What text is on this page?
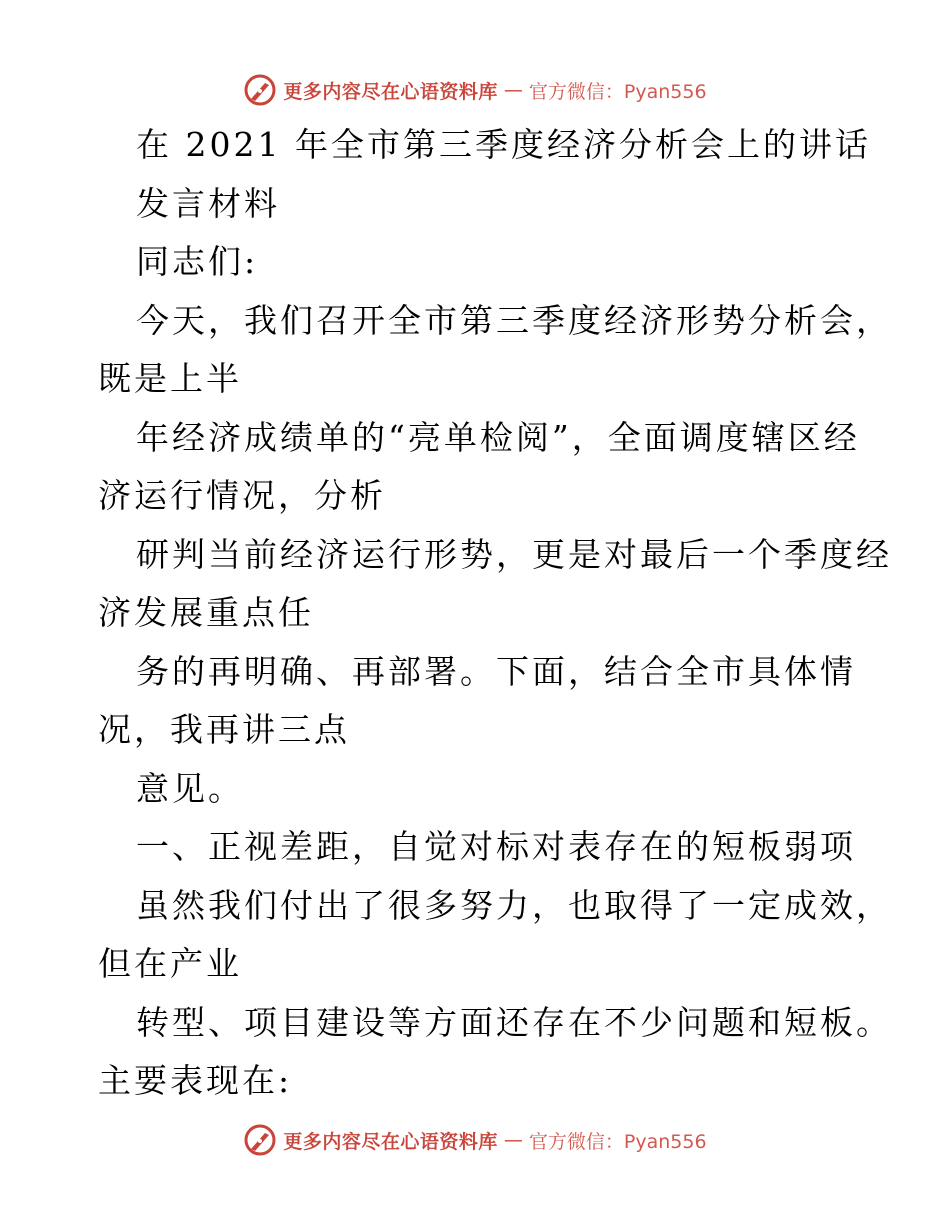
更多内容尽在心语资料库 — 官方微信：Pyan556
在 2021 年全市第三季度经济分析会上的讲话
发言材料
同志们:
今天，我们召开全市第三季度经济形势分析会，
既是上半
年经济成绩单的“亮单检阅”，全面调度辖区经
济运行情况，分析
研判当前经济运行形势，更是对最后一个季度经
济发展重点任
务的再明确、再部署。下面，结合全市具体情
况，我再讲三点
意见。
一、正视差距，自觉对标对表存在的短板弱项
虽然我们付出了很多努力，也取得了一定成效，
但在产业
转型、项目建设等方面还存在不少问题和短板。
主要表现在:
更多内容尽在心语资料库 — 官方微信：Pyan556
